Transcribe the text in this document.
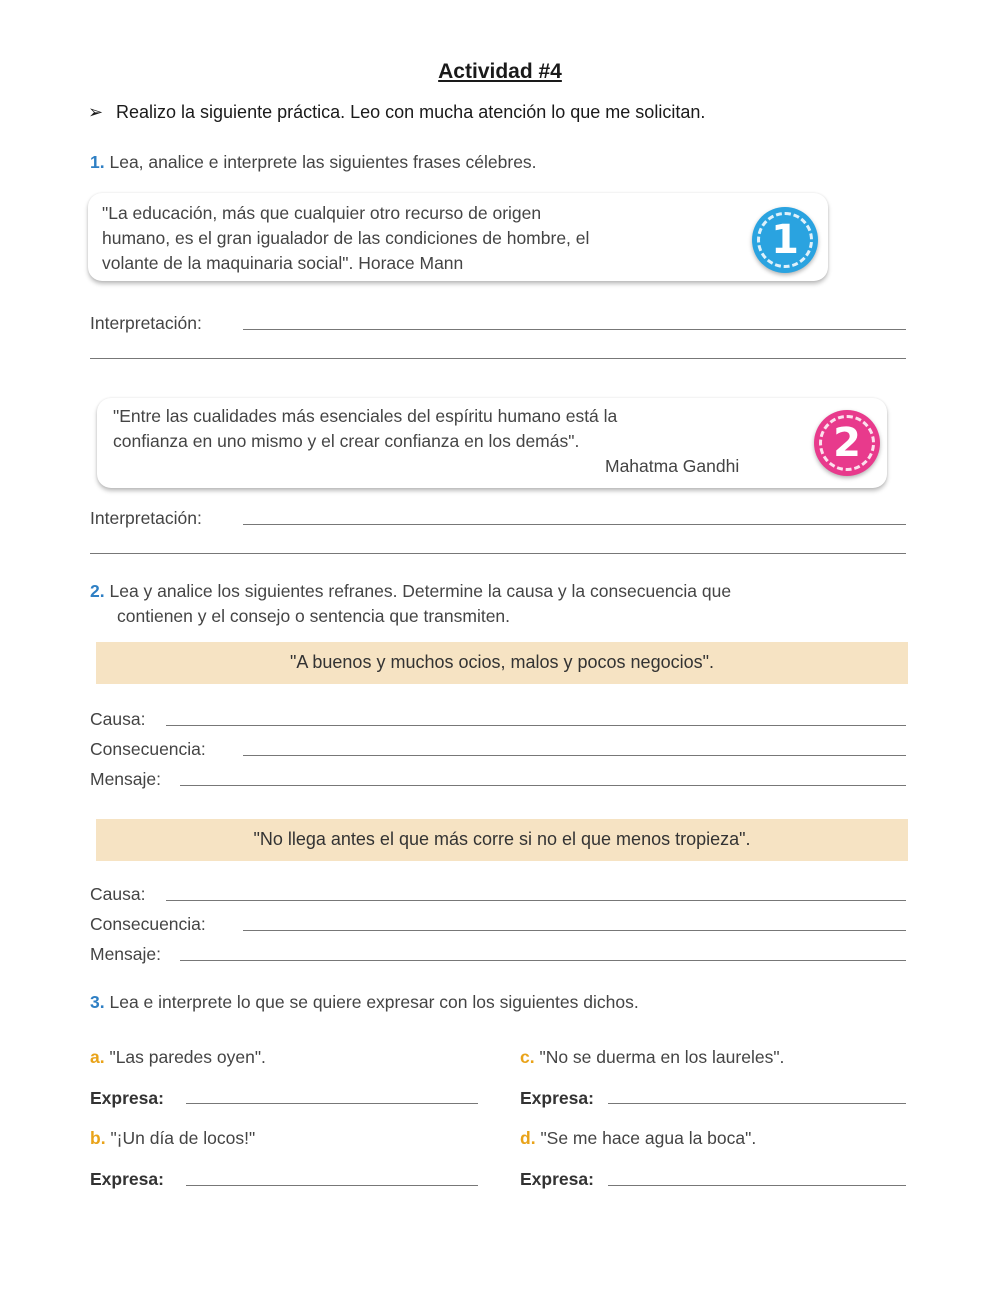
Actividad #4
➢ Realizo la siguiente práctica. Leo con mucha atención lo que me solicitan.
1. Lea, analice e interprete las siguientes frases célebres.
"La educación, más que cualquier otro recurso de origen
humano, es el gran igualador de las condiciones de hombre, el
volante de la maquinaria social". Horace Mann	1
Interpretación:
"Entre las cualidades más esenciales del espíritu humano está la
confianza en uno mismo y el crear confianza en los demás".
Mahatma Gandhi	2
Interpretación:
2. Lea y analice los siguientes refranes. Determine la causa y la consecuencia que
contienen y el consejo o sentencia que transmiten.
"A buenos y muchos ocios, malos y pocos negocios".
Causa:
Consecuencia:
Mensaje:
"No llega antes el que más corre si no el que menos tropieza".
Causa:
Consecuencia:
Mensaje:
3. Lea e interprete lo que se quiere expresar con los siguientes dichos.
a. "Las paredes oyen".
Expresa:
c. "No se duerma en los laureles".
Expresa:
b. "¡Un día de locos!"
Expresa:
d. "Se me hace agua la boca".
Expresa:
